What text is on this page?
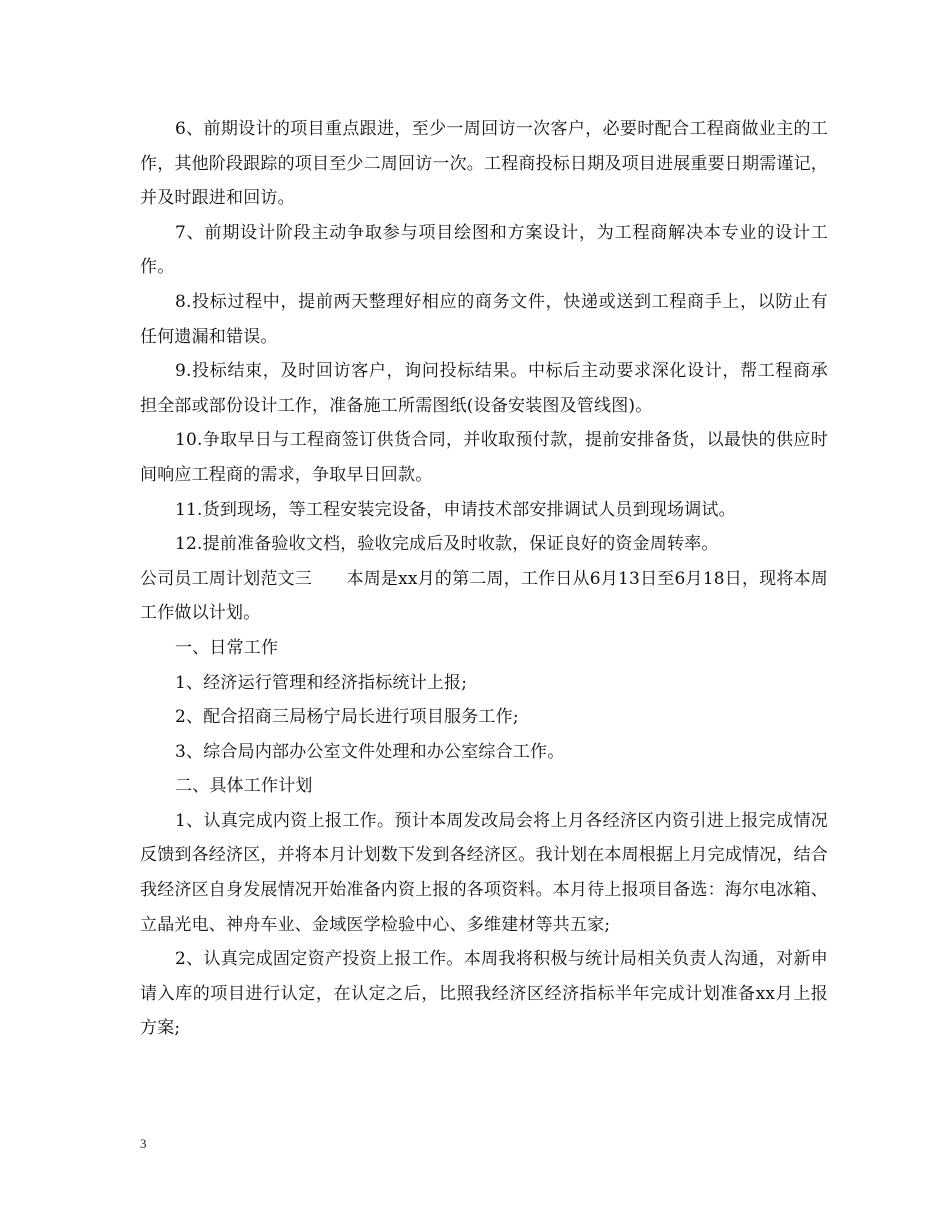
6、前期设计的项目重点跟进，至少一周回访一次客户，必要时配合工程商做业主的工作，其他阶段跟踪的项目至少二周回访一次。工程商投标日期及项目进展重要日期需谨记，并及时跟进和回访。

7、前期设计阶段主动争取参与项目绘图和方案设计，为工程商解决本专业的设计工作。

8.投标过程中，提前两天整理好相应的商务文件，快递或送到工程商手上，以防止有任何遗漏和错误。

9.投标结束，及时回访客户，询问投标结果。中标后主动要求深化设计，帮工程商承担全部或部份设计工作，准备施工所需图纸(设备安装图及管线图)。

10.争取早日与工程商签订供货合同，并收取预付款，提前安排备货，以最快的供应时间响应工程商的需求，争取早日回款。

11.货到现场，等工程安装完设备，申请技术部安排调试人员到现场调试。

12.提前准备验收文档，验收完成后及时收款，保证良好的资金周转率。

公司员工周计划范文三　　本周是xx月的第二周，工作日从6月13日至6月18日，现将本周工作做以计划。

一、日常工作

1、经济运行管理和经济指标统计上报;

2、配合招商三局杨宁局长进行项目服务工作;

3、综合局内部办公室文件处理和办公室综合工作。

二、具体工作计划

1、认真完成内资上报工作。预计本周发改局会将上月各经济区内资引进上报完成情况反馈到各经济区，并将本月计划数下发到各经济区。我计划在本周根据上月完成情况，结合我经济区自身发展情况开始准备内资上报的各项资料。本月待上报项目备选：海尔电冰箱、立晶光电、神舟车业、金域医学检验中心、多维建材等共五家;

2、认真完成固定资产投资上报工作。本周我将积极与统计局相关负责人沟通，对新申请入库的项目进行认定，在认定之后，比照我经济区经济指标半年完成计划准备xx月上报方案;

3
